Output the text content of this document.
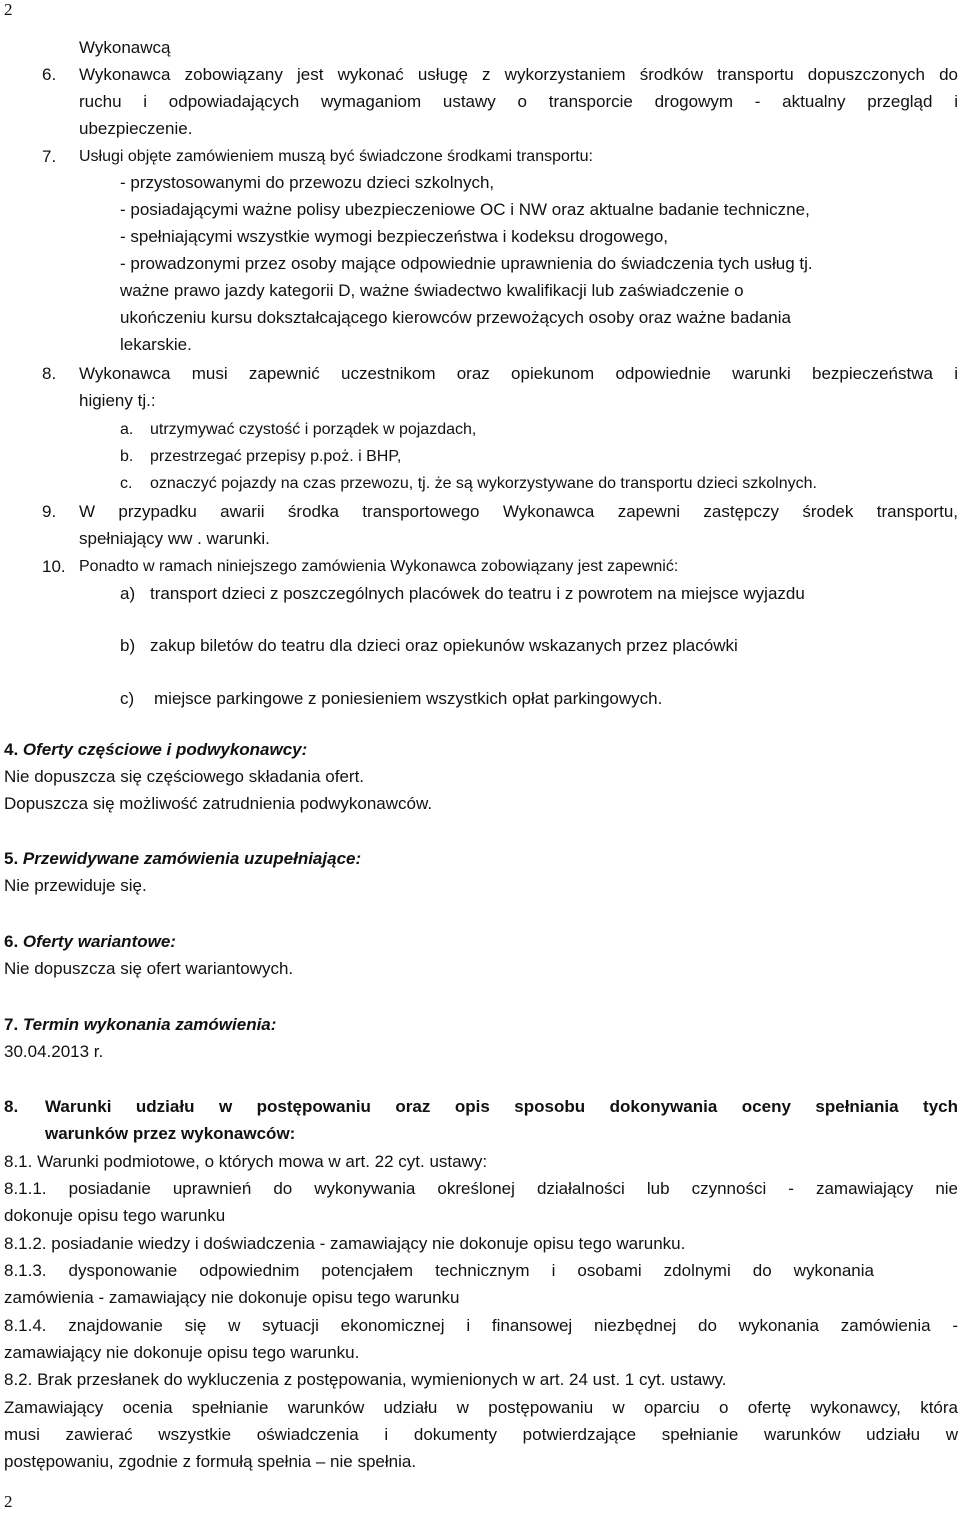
2
Wykonawcą
6. Wykonawca zobowiązany jest wykonać usługę z wykorzystaniem środków transportu dopuszczonych do
ruchu i odpowiadających wymaganiom ustawy o transporcie drogowym - aktualny przegląd i
ubezpieczenie.
7. Usługi objęte zamówieniem muszą być świadczone środkami transportu:
- przystosowanymi do przewozu dzieci szkolnych,
- posiadającymi ważne polisy ubezpieczeniowe OC i NW oraz aktualne badanie techniczne,
- spełniającymi wszystkie wymogi bezpieczeństwa i kodeksu drogowego,
- prowadzonymi przez osoby mające odpowiednie uprawnienia do świadczenia tych usług tj.
ważne prawo jazdy kategorii D, ważne świadectwo kwalifikacji lub zaświadczenie o
ukończeniu kursu dokształcającego kierowców przewożących osoby oraz ważne badania
lekarskie.
8. Wykonawca musi zapewnić uczestnikom oraz opiekunom odpowiednie warunki bezpieczeństwa i
higieny tj.:
a. utrzymywać czystość i porządek w pojazdach,
b. przestrzegać przepisy p.poż. i BHP,
c. oznaczyć pojazdy na czas przewozu, tj. że są wykorzystywane do transportu dzieci szkolnych.
9. W przypadku awarii środka transportowego Wykonawca zapewni zastępczy środek transportu,
spełniający ww . warunki.
10. Ponadto w ramach niniejszego zamówienia Wykonawca zobowiązany jest zapewnić:
a) transport dzieci z poszczególnych placówek do teatru i z powrotem na miejsce wyjazdu
b) zakup biletów do teatru dla dzieci oraz opiekunów wskazanych przez placówki
c) miejsce parkingowe z poniesieniem wszystkich opłat parkingowych.
4. Oferty częściowe i podwykonawcy:
Nie dopuszcza się częściowego składania ofert.
Dopuszcza się możliwość zatrudnienia podwykonawców.
5. Przewidywane zamówienia uzupełniające:
Nie przewiduje się.
6. Oferty wariantowe:
Nie dopuszcza się ofert wariantowych.
7. Termin wykonania zamówienia:
30.04.2013 r.
8. Warunki udziału w postępowaniu oraz opis sposobu dokonywania oceny spełniania tych
warunków przez wykonawców:
8.1. Warunki podmiotowe, o których mowa w art. 22 cyt. ustawy:
8.1.1. posiadanie uprawnień do wykonywania określonej działalności lub czynności - zamawiający nie
dokonuje opisu tego warunku
8.1.2. posiadanie wiedzy i doświadczenia - zamawiający nie dokonuje opisu tego warunku.
8.1.3. dysponowanie odpowiednim potencjałem technicznym i osobami zdolnymi do wykonania
zamówienia - zamawiający nie dokonuje opisu tego warunku
8.1.4. znajdowanie się w sytuacji ekonomicznej i finansowej niezbędnej do wykonania zamówienia -
zamawiający nie dokonuje opisu tego warunku.
8.2. Brak przesłanek do wykluczenia z postępowania, wymienionych w art. 24 ust. 1 cyt. ustawy.
Zamawiający ocenia spełnianie warunków udziału w postępowaniu w oparciu o ofertę wykonawcy, która
musi zawierać wszystkie oświadczenia i dokumenty potwierdzające spełnianie warunków udziału w
postępowaniu, zgodnie z formułą spełnia – nie spełnia.
2
